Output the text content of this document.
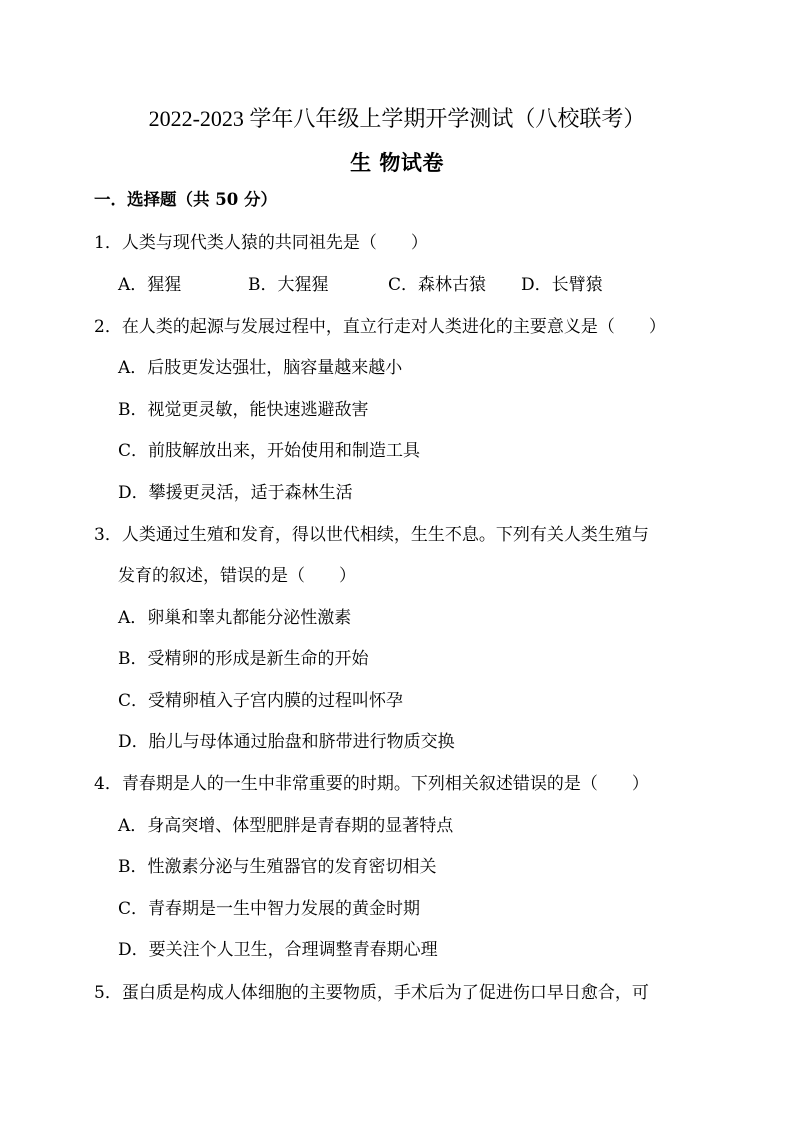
2022-2023 学年八年级上学期开学测试（八校联考）
生 物试卷
一．选择题（共 50 分）
1．人类与现代类人猿的共同祖先是（　　）
A．猩猩	B．大猩猩	C．森林古猿 D．长臂猿
2．在人类的起源与发展过程中，直立行走对人类进化的主要意义是（　　）
A．后肢更发达强壮，脑容量越来越小
B．视觉更灵敏，能快速逃避敌害
C．前肢解放出来，开始使用和制造工具
D．攀援更灵活，适于森林生活
3．人类通过生殖和发育，得以世代相续，生生不息。下列有关人类生殖与
发育的叙述，错误的是（　　）
A．卵巢和睾丸都能分泌性激素
B．受精卵的形成是新生命的开始
C．受精卵植入子宫内膜的过程叫怀孕
D．胎儿与母体通过胎盘和脐带进行物质交换
4．青春期是人的一生中非常重要的时期。下列相关叙述错误的是（　　）
A．身高突增、体型肥胖是青春期的显著特点
B．性激素分泌与生殖器官的发育密切相关
C．青春期是一生中智力发展的黄金时期
D．要关注个人卫生，合理调整青春期心理
5．蛋白质是构成人体细胞的主要物质，手术后为了促进伤口早日愈合，可
